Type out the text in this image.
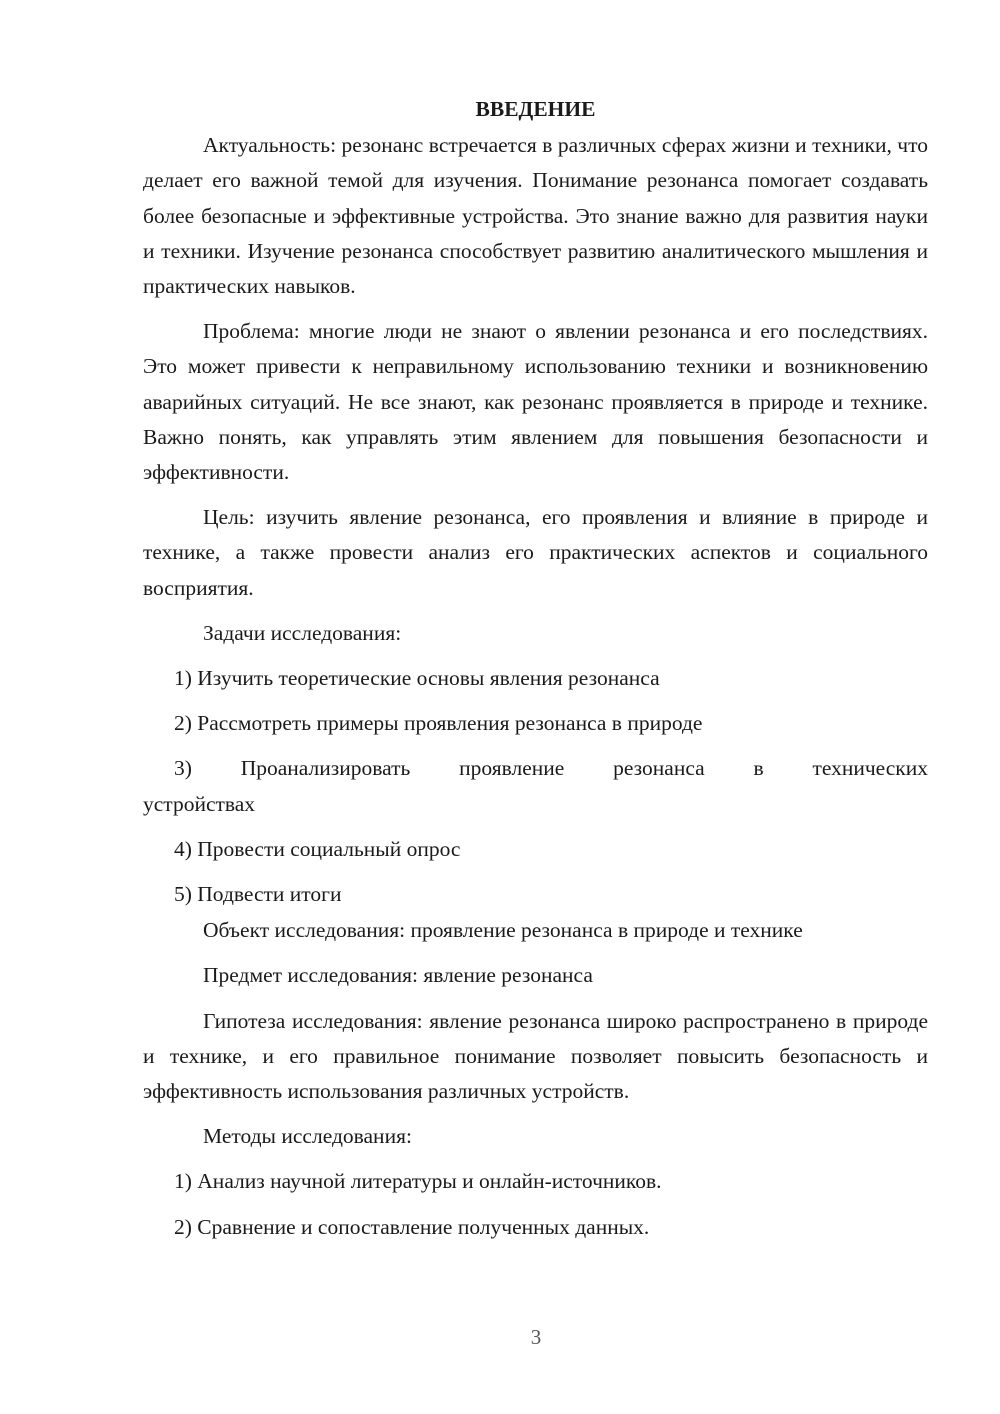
ВВЕДЕНИЕ
Актуальность: резонанс встречается в различных сферах жизни и техники, что делает его важной темой для изучения. Понимание резонанса помогает создавать более безопасные и эффективные устройства. Это знание важно для развития науки и техники. Изучение резонанса способствует развитию аналитического мышления и практических навыков.
Проблема: многие люди не знают о явлении резонанса и его последствиях. Это может привести к неправильному использованию техники и возникновению аварийных ситуаций. Не все знают, как резонанс проявляется в природе и технике. Важно понять, как управлять этим явлением для повышения безопасности и эффективности.
Цель: изучить явление резонанса, его проявления и влияние в природе и технике, а также провести анализ его практических аспектов и социального восприятия.
Задачи исследования:
1) Изучить теоретические основы явления резонанса
2) Рассмотреть примеры проявления резонанса в природе
3) Проанализировать проявление резонанса в технических
устройствах
4) Провести социальный опрос
5) Подвести итоги
Объект исследования: проявление резонанса в природе и технике
Предмет исследования: явление резонанса
Гипотеза исследования: явление резонанса широко распространено в природе и технике, и его правильное понимание позволяет повысить безопасность и эффективность использования различных устройств.
Методы исследования:
1) Анализ научной литературы и онлайн-источников.
2) Сравнение и сопоставление полученных данных.
3
